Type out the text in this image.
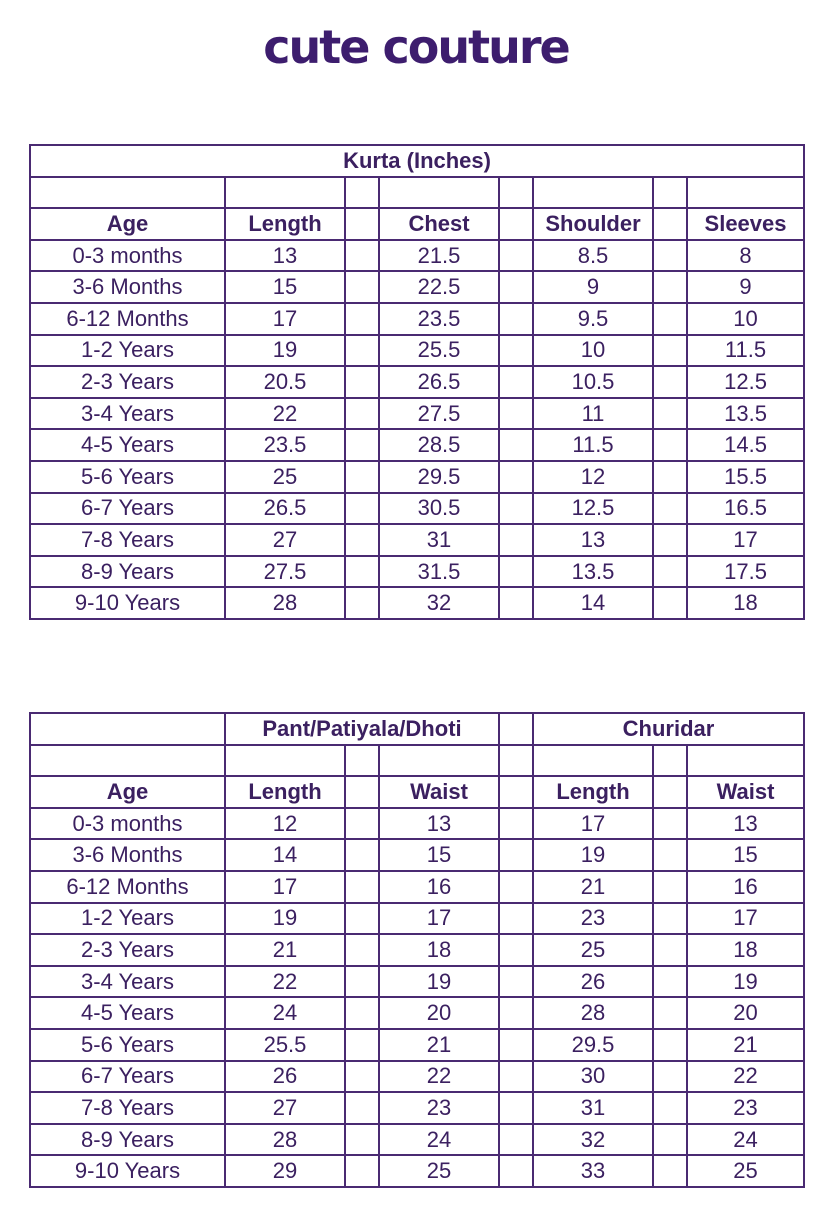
cute couture
Kurta (Inches)							

Age	Length		Chest		Shoulder		Sleeves
0-3 months	13		21.5		8.5		8
3-6 Months	15		22.5		9		9
6-12 Months	17		23.5		9.5		10
1-2 Years	19		25.5		10		11.5
2-3 Years	20.5		26.5		10.5		12.5
3-4 Years	22		27.5		11		13.5
4-5 Years	23.5		28.5		11.5		14.5
5-6 Years	25		29.5		12		15.5
6-7 Years	26.5		30.5		12.5		16.5
7-8 Years	27		31		13		17
8-9 Years	27.5		31.5		13.5		17.5
9-10 Years	28		32		14		18
	Pant/Patiyala/Dhoti				Churidar		

Age	Length		Waist		Length		Waist
0-3 months	12		13		17		13
3-6 Months	14		15		19		15
6-12 Months	17		16		21		16
1-2 Years	19		17		23		17
2-3 Years	21		18		25		18
3-4 Years	22		19		26		19
4-5 Years	24		20		28		20
5-6 Years	25.5		21		29.5		21
6-7 Years	26		22		30		22
7-8 Years	27		23		31		23
8-9 Years	28		24		32		24
9-10 Years	29		25		33		25
